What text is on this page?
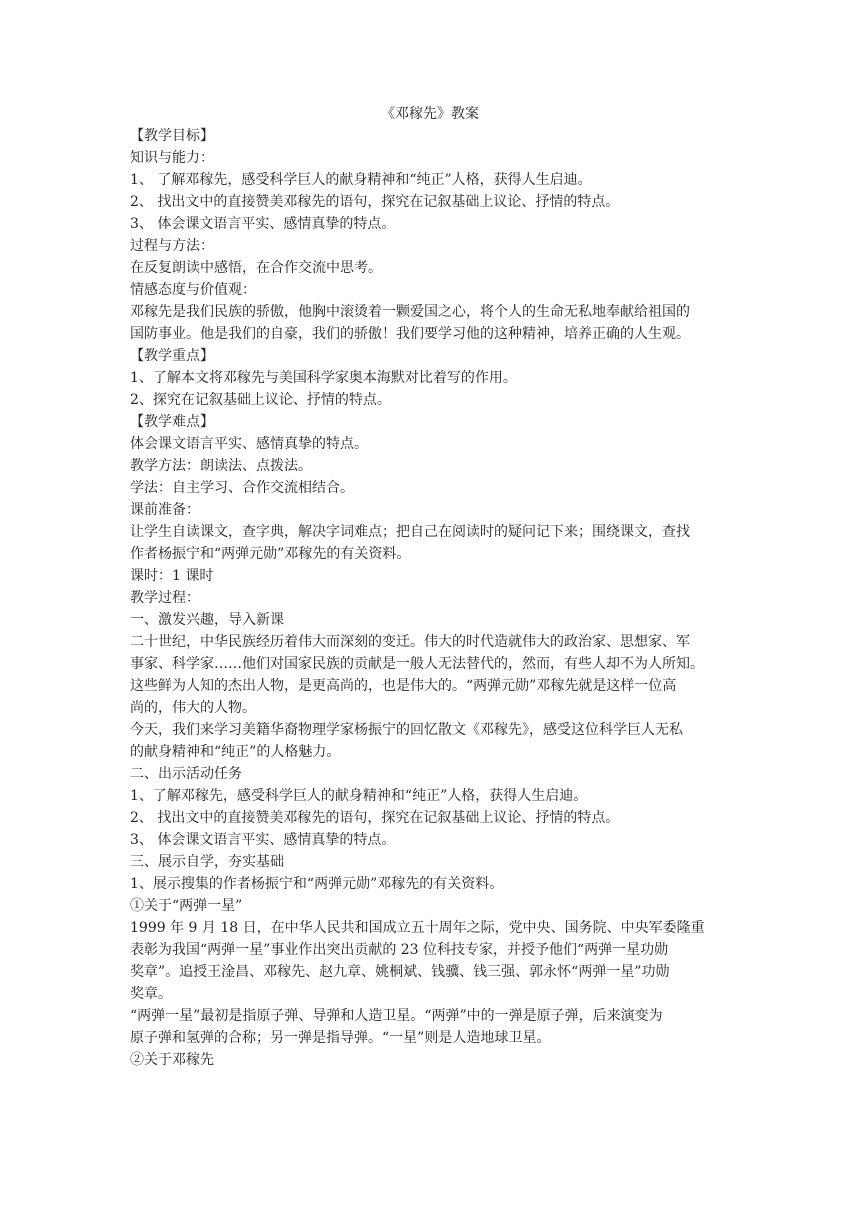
《邓稼先》教案
【教学目标】
知识与能力：
1、 了解邓稼先，感受科学巨人的献身精神和“纯正”人格，获得人生启迪。
2、 找出文中的直接赞美邓稼先的语句，探究在记叙基础上议论、抒情的特点。
3、 体会课文语言平实、感情真挚的特点。
过程与方法：
在反复朗读中感悟，在合作交流中思考。
情感态度与价值观：
邓稼先是我们民族的骄傲，他胸中滚烫着一颗爱国之心，将个人的生命无私地奉献给祖国的
国防事业。他是我们的自豪，我们的骄傲！我们要学习他的这种精神，培养正确的人生观。
【教学重点】
1、了解本文将邓稼先与美国科学家奥本海默对比着写的作用。
2、探究在记叙基础上议论、抒情的特点。
【教学难点】
体会课文语言平实、感情真挚的特点。
教学方法：朗读法、点拨法。
学法：自主学习、合作交流相结合。
课前准备：
让学生自读课文，查字典，解决字词难点；把自己在阅读时的疑问记下来；围绕课文，查找
作者杨振宁和“两弹元勋”邓稼先的有关资料。
课时：1 课时
教学过程：
一、激发兴趣，导入新课
二十世纪，中华民族经历着伟大而深刻的变迁。伟大的时代造就伟大的政治家、思想家、军
事家、科学家……他们对国家民族的贡献是一般人无法替代的，然而，有些人却不为人所知。
这些鲜为人知的杰出人物，是更高尚的，也是伟大的。“两弹元勋”邓稼先就是这样一位高
尚的，伟大的人物。
今天，我们来学习美籍华裔物理学家杨振宁的回忆散文《邓稼先》，感受这位科学巨人无私
的献身精神和“纯正”的人格魅力。
二、出示活动任务
1、了解邓稼先，感受科学巨人的献身精神和“纯正”人格，获得人生启迪。
2、 找出文中的直接赞美邓稼先的语句，探究在记叙基础上议论、抒情的特点。
3、 体会课文语言平实、感情真挚的特点。
三、展示自学，夯实基础
1、展示搜集的作者杨振宁和“两弹元勋”邓稼先的有关资料。
①关于“两弹一星”
1999 年 9 月 18 日，在中华人民共和国成立五十周年之际，党中央、国务院、中央军委隆重
表彰为我国“两弹一星”事业作出突出贡献的 23 位科技专家，并授予他们“两弹一星功勋
奖章”。追授王淦昌、邓稼先、赵九章、姚桐斌、钱骥、钱三强、郭永怀“两弹一星”功勋
奖章。
“两弹一星”最初是指原子弹、导弹和人造卫星。“两弹”中的一弹是原子弹，后来演变为
原子弹和氢弹的合称；另一弹是指导弹。“一星”则是人造地球卫星。
②关于邓稼先
